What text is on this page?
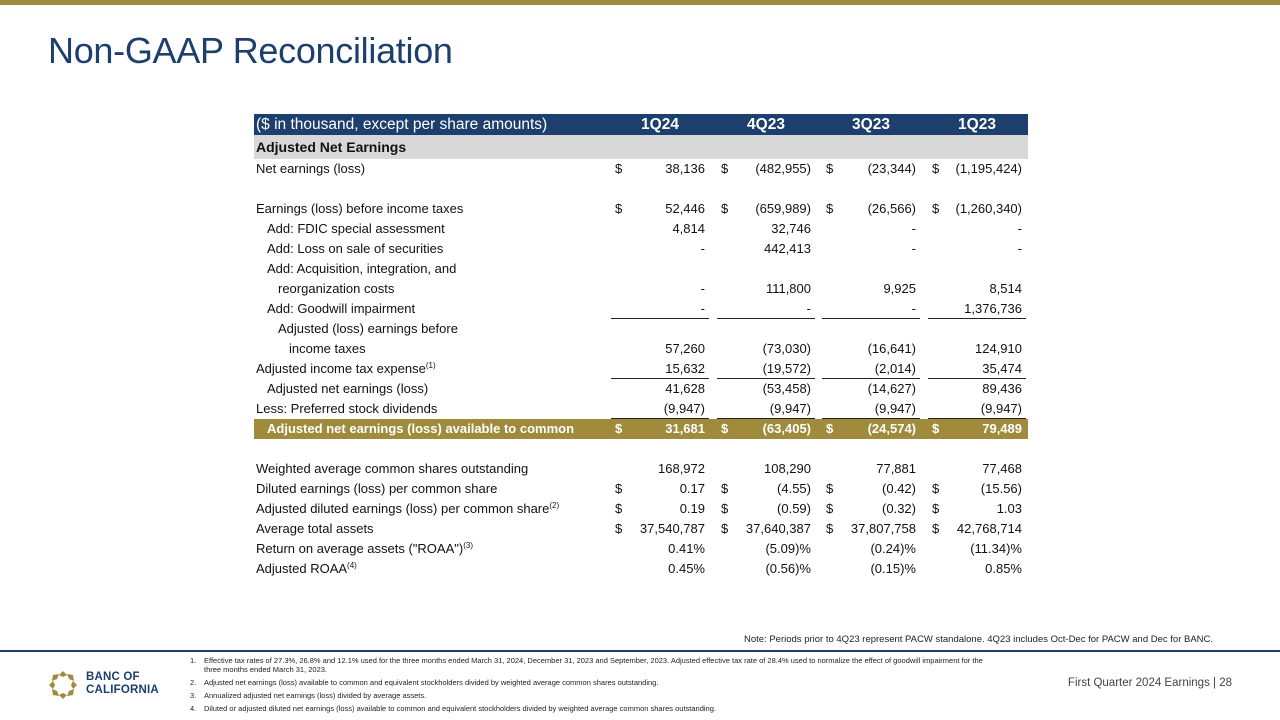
Non-GAAP Reconciliation
($ in thousand, except per share amounts)	1Q24	4Q23	3Q23	1Q23
Adjusted Net Earnings
Net earnings (loss)	$	38,136 $ (482,955) $	(23,344) $ (1,195,424)
Earnings (loss) before income taxes	$	52,446 $ (659,989) $	(26,566) $ (1,260,340)
Add: FDIC special assessment	4,814	32,746	-	-
Add: Loss on sale of securities	-	442,413	-	-
Add: Acquisition, integration, and
reorganization costs	-	111,800	9,925	8,514
Add: Goodwill impairment	-	-	-	1,376,736
Adjusted (loss) earnings before
income taxes	57,260	(73,030)	(16,641)	124,910
Adjusted income tax expense$^{(1)}$	15,632	(19,572)	(2,014)	35,474
Adjusted net earnings (loss)	41,628	(53,458)	(14,627)	89,436
Less: Preferred stock dividends	(9,947)	(9,947)	(9,947)	(9,947)
Adjusted net earnings (loss) available to common	$	31,681 $	(63,405) $	(24,574) $	79,489
Weighted average common shares outstanding	168,972	108,290	77,881	77,468
Diluted earnings (loss) per common share	$	0.17 $	(4.55) $	(0.42) $	(15.56)
Adjusted diluted earnings (loss) per common share$^{(2)}$	$	0.19 $	(0.59) $	(0.32) $	1.03
Average total assets	$ 37,540,787 $ 37,640,387 $ 37,807,758 $ 42,768,714
Return on average assets ("ROAA")$^{(3)}$	0.41%	(5.09)%	(0.24)%	(11.34)%
Adjusted ROAA$^{(4)}$	0.45%	(0.56)%	(0.15)%	0.85%
Note: Periods prior to 4Q23 represent PACW standalone. 4Q23 includes Oct-Dec for PACW and Dec for BANC.
BANC OF
CALIFORNIA
1. Effective tax rates of 27.3%, 26.8% and 12.1% used for the three months ended March 31, 2024, December 31, 2023 and September, 2023. Adjusted effective tax rate of 28.4% used to normalize the effect of goodwill impairment for the three months ended March 31, 2023.
2. Adjusted net earnings (loss) available to common and equivalent stockholders divided by weighted average common shares outstanding.
3. Annualized adjusted net earnings (loss) divided by average assets.
4. Diluted or adjusted diluted net earnings (loss) available to common and equivalent stockholders divided by weighted average common shares outstanding.
First Quarter 2024 Earnings | 28
